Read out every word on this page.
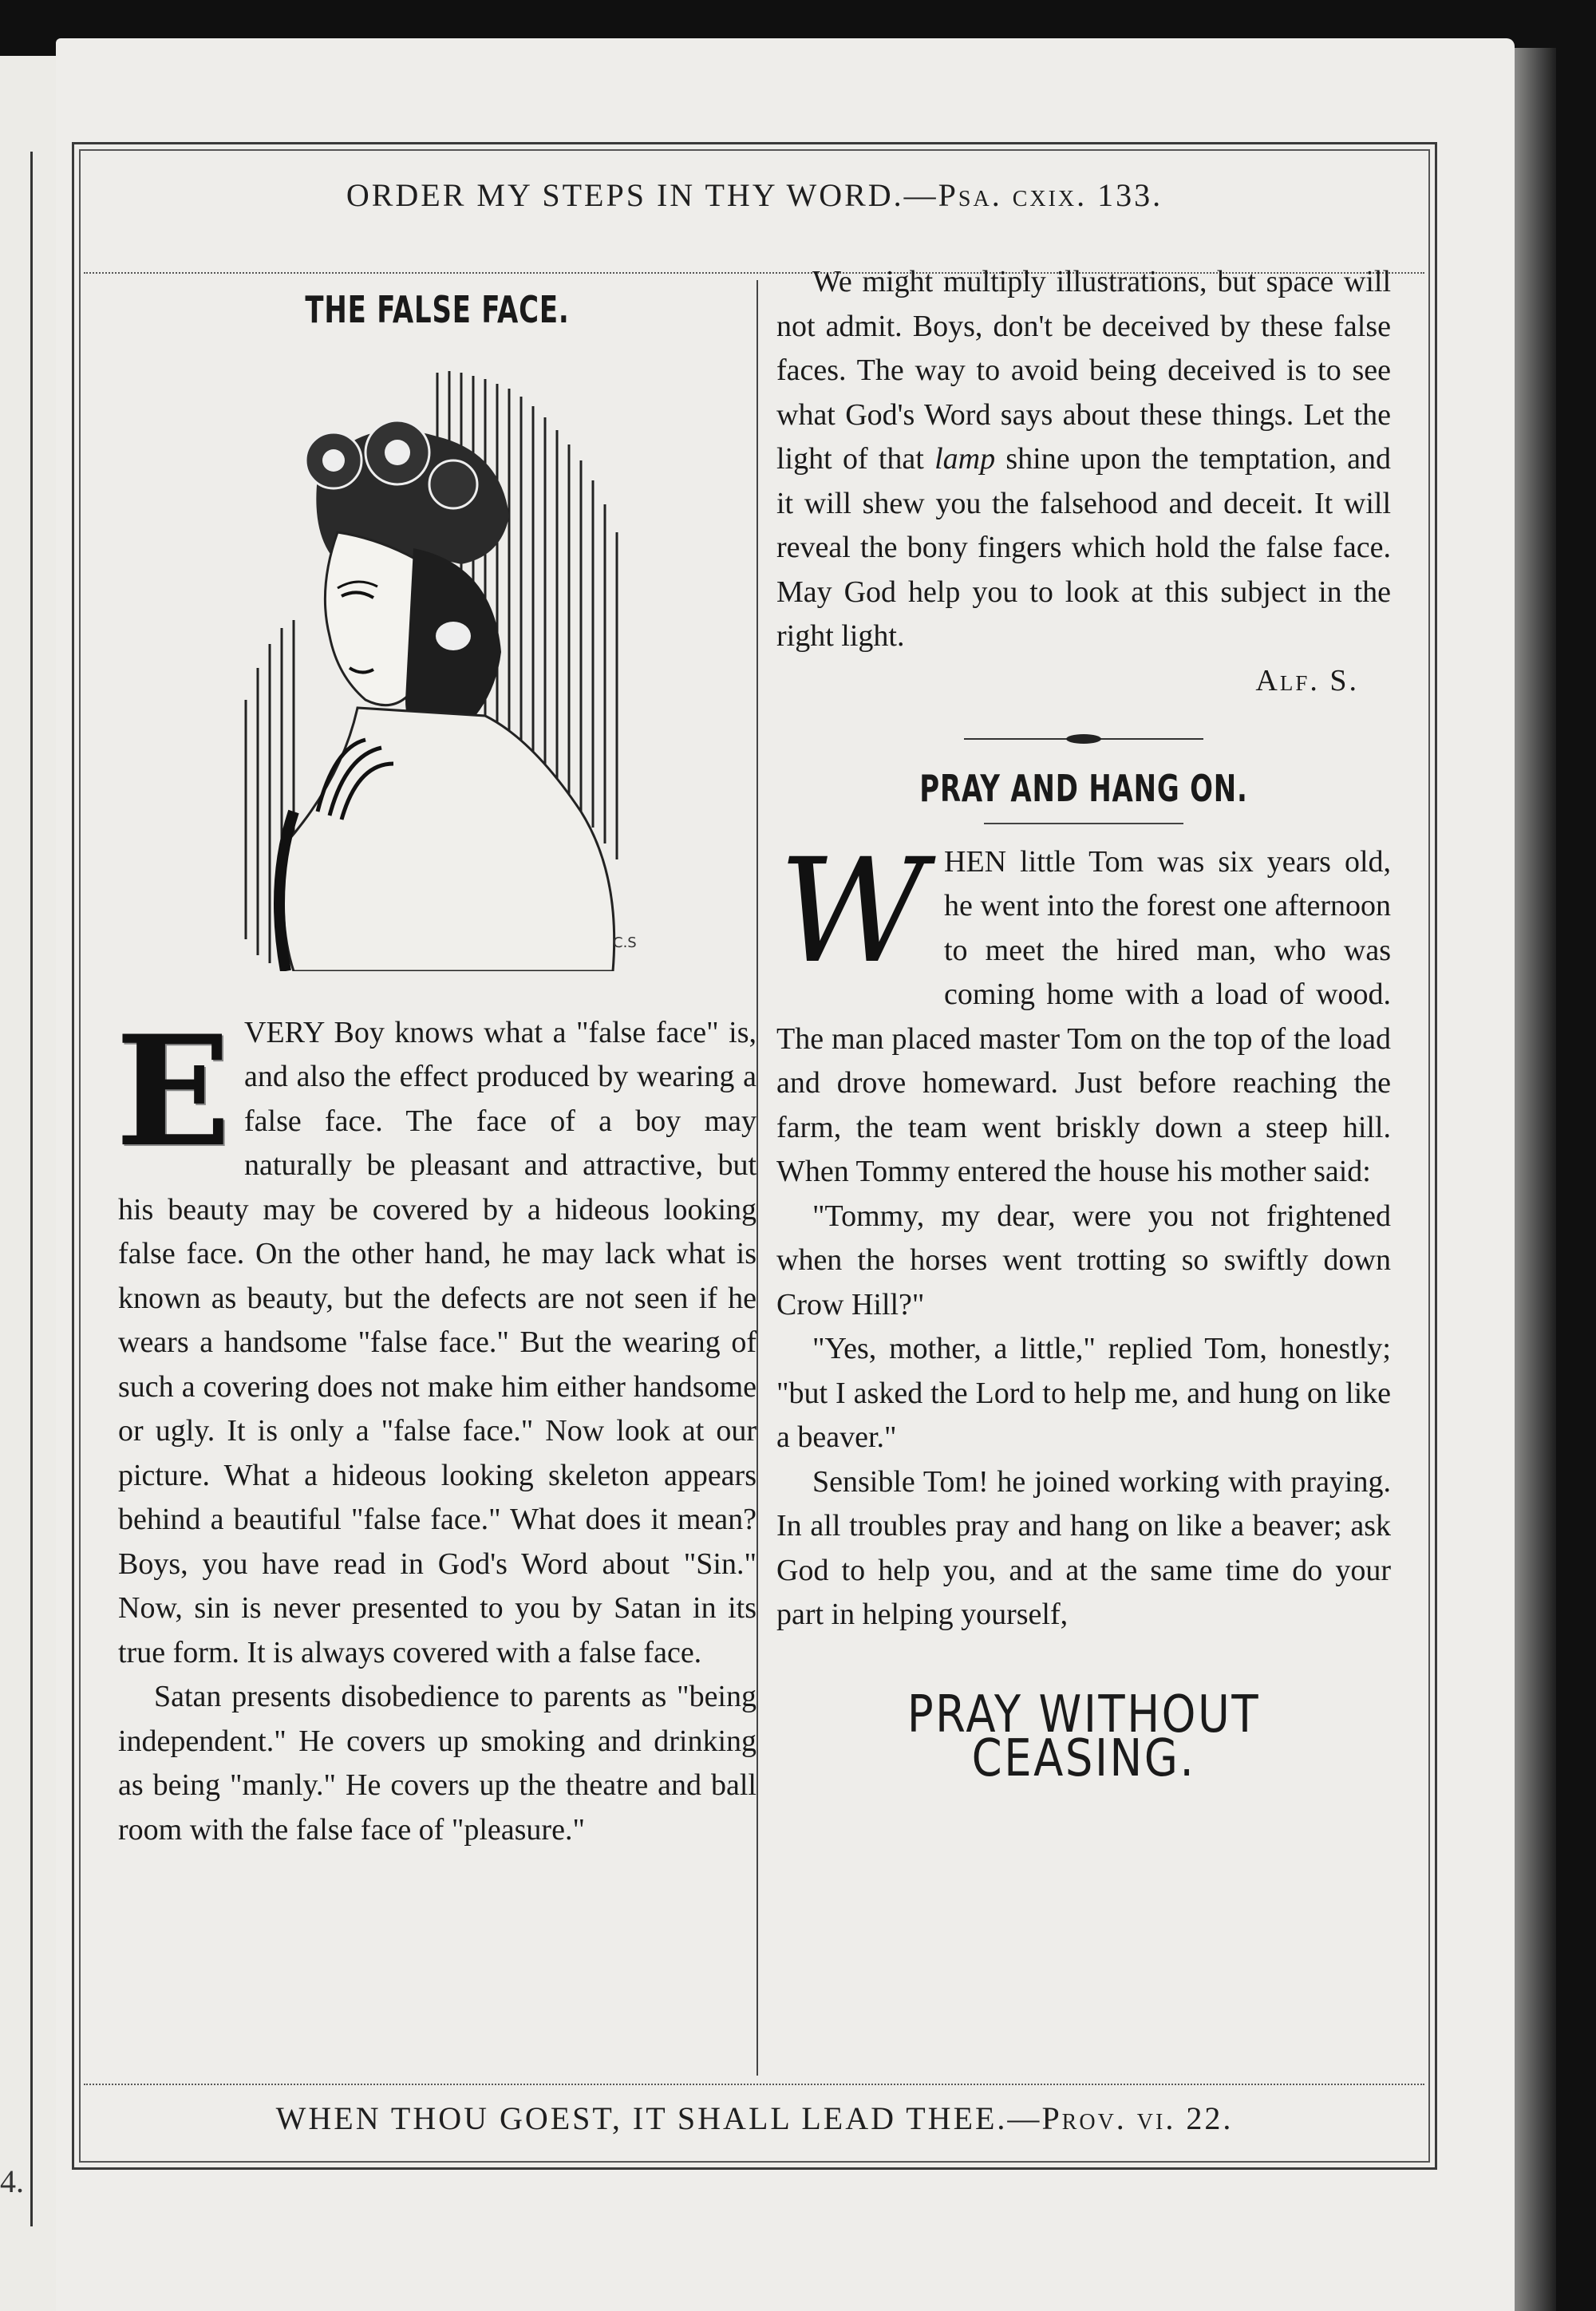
4.
ORDER MY STEPS IN THY WORD.—Psa. cxix. 133.
THE FALSE FACE.
C.S

EVERY Boy knows what a "false face" is, and also the effect produced by wearing a false face. The face of a boy may naturally be pleasant and attractive, but his beauty may be covered by a hideous looking false face. On the other hand, he may lack what is known as beauty, but the defects are not seen if he wears a handsome "false face." But the wearing of such a covering does not make him either handsome or ugly. It is only a "false face." Now look at our picture. What a hideous looking skeleton appears behind a beautiful "false face." What does it mean? Boys, you have read in God's Word about "Sin." Now, sin is never presented to you by Satan in its true form. It is always covered with a false face.

Satan presents disobedience to parents as "being independent." He covers up smoking and drinking as being "manly." He covers up the theatre and ball room with the false face of "pleasure."

We might multiply illustrations, but space will not admit. Boys, don't be deceived by these false faces. The way to avoid being deceived is to see what God's Word says about these things. Let the light of that lamp shine upon the temptation, and it will shew you the falsehood and deceit. It will reveal the bony fingers which hold the false face. May God help you to look at this subject in the right light.

Alf. S.
PRAY AND HANG ON.

WHEN little Tom was six years old, he went into the forest one afternoon to meet the hired man, who was coming home with a load of wood. The man placed master Tom on the top of the load and drove homeward. Just before reaching the farm, the team went briskly down a steep hill. When Tommy entered the house his mother said:

"Tommy, my dear, were you not frightened when the horses went trotting so swiftly down Crow Hill?"

"Yes, mother, a little," replied Tom, honestly; "but I asked the Lord to help me, and hung on like a beaver."

Sensible Tom! he joined working with praying. In all troubles pray and hang on like a beaver; ask God to help you, and at the same time do your part in helping yourself,

PRAY WITHOUT CEASING.
WHEN THOU GOEST, IT SHALL LEAD THEE.—Prov. vi. 22.
